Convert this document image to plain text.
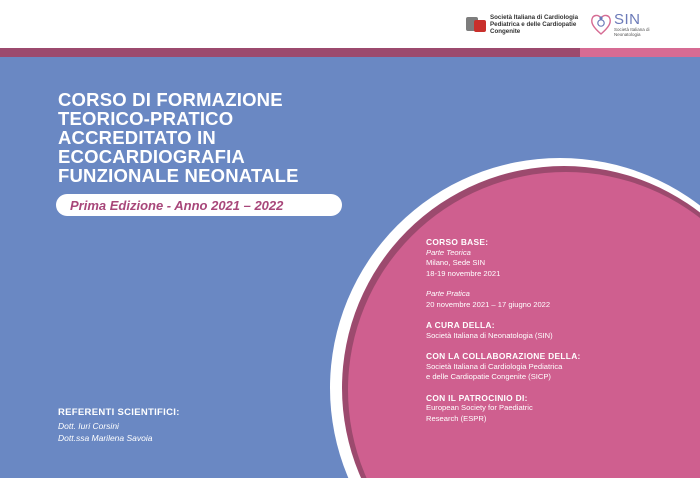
Società Italiana di Cardiologia Pediatrica e delle Cardiopatie Congenite
SIN
Società Italiana di Neonatologia
CORSO DI FORMAZIONE
TEORICO-PRATICO
ACCREDITATO IN
ECOCARDIOGRAFIA
FUNZIONALE NEONATALE
Prima Edizione - Anno 2021 – 2022
REFERENTI SCIENTIFICI:
Dott. Iuri Corsini
Dott.ssa Marilena Savoia
CORSO BASE:
Parte Teorica
Milano, Sede SIN
18-19 novembre 2021
Parte Pratica
20 novembre 2021 – 17 giugno 2022
A CURA DELLA:
Società Italiana di Neonatologia (SIN)
CON LA COLLABORAZIONE DELLA:
Società Italiana di Cardiologia Pediatrica
e delle Cardiopatie Congenite (SICP)
CON IL PATROCINIO DI:
European Society for Paediatric
Research (ESPR)
